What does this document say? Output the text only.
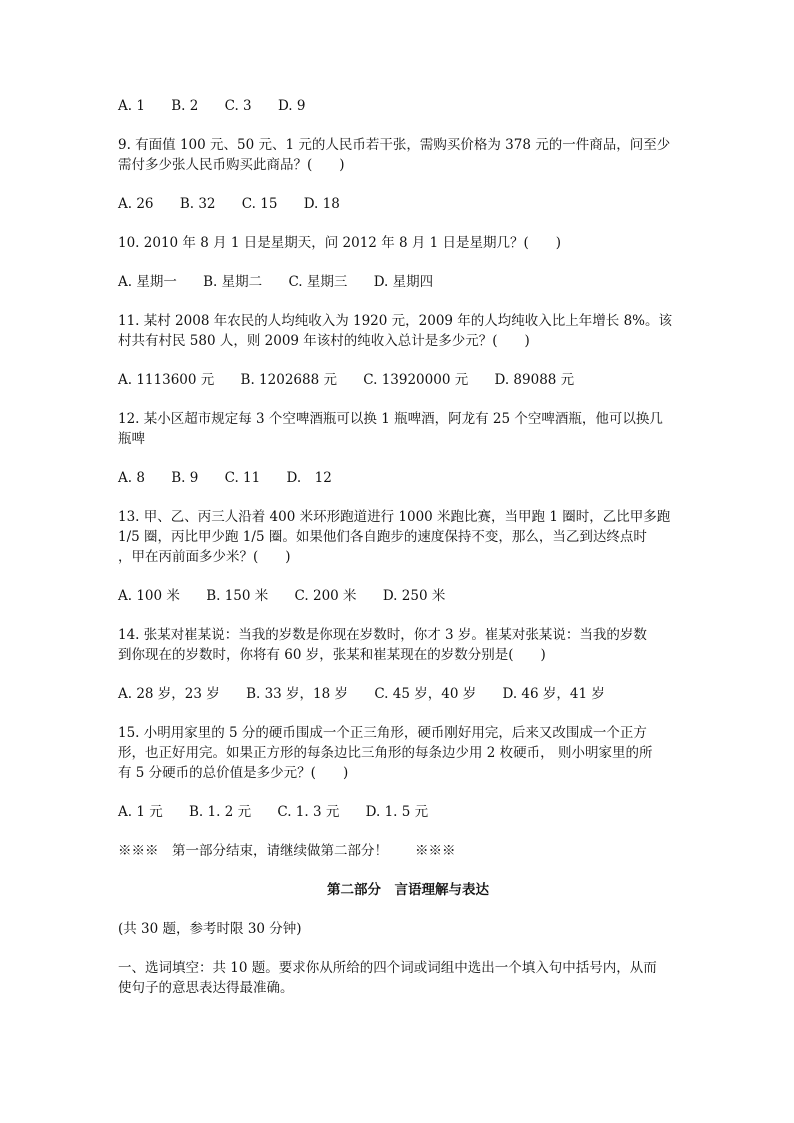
A. 1 B. 2 C. 3 D. 9
9. 有面值 100 元、50 元、1 元的人民币若干张，需购买价格为 378 元的一件商品，问至少
需付多少张人民币购买此商品？(　　)
A. 26 B. 32 C. 15 D. 18
10. 2010 年 8 月 1 日是星期天，问 2012 年 8 月 1 日是星期几？(　　)
A. 星期一 B. 星期二 C. 星期三 D. 星期四
11. 某村 2008 年农民的人均纯收入为 1920 元，2009 年的人均纯收入比上年增长 8%。该
村共有村民 580 人，则 2009 年该村的纯收入总计是多少元？(　　)
A. 1113600 元 B. 1202688 元 C. 13920000 元 D. 89088 元
12. 某小区超市规定每 3 个空啤酒瓶可以换 1 瓶啤酒，阿龙有 25 个空啤酒瓶，他可以换几
瓶啤
A. 8 B. 9 C. 11 D.　12
13. 甲、乙、丙三人沿着 400 米环形跑道进行 1000 米跑比赛，当甲跑 1 圈时，乙比甲多跑
1/5 圈，丙比甲少跑 1/5 圈。如果他们各自跑步的速度保持不变，那么，当乙到达终点时
，甲在丙前面多少米？(　　)
A. 100 米 B. 150 米 C. 200 米 D. 250 米
14. 张某对崔某说：当我的岁数是你现在岁数时，你才 3 岁。崔某对张某说：当我的岁数
到你现在的岁数时，你将有 60 岁，张某和崔某现在的岁数分别是(　　)
A. 28 岁，23 岁 B. 33 岁，18 岁 C. 45 岁，40 岁 D. 46 岁，41 岁
15. 小明用家里的 5 分的硬币围成一个正三角形，硬币刚好用完，后来又改围成一个正方
形，也正好用完。如果正方形的每条边比三角形的每条边少用 2 枚硬币， 则小明家里的所
有 5 分硬币的总价值是多少元？(　　)
A. 1 元 B. 1. 2 元 C. 1. 3 元 D. 1. 5 元
※※※　第一部分结束，请继续做第二部分！　　※※※
第二部分　言语理解与表达
(共 30 题，参考时限 30 分钟)
一、选词填空：共 10 题。要求你从所给的四个词或词组中选出一个填入句中括号内，从而
使句子的意思表达得最准确。
